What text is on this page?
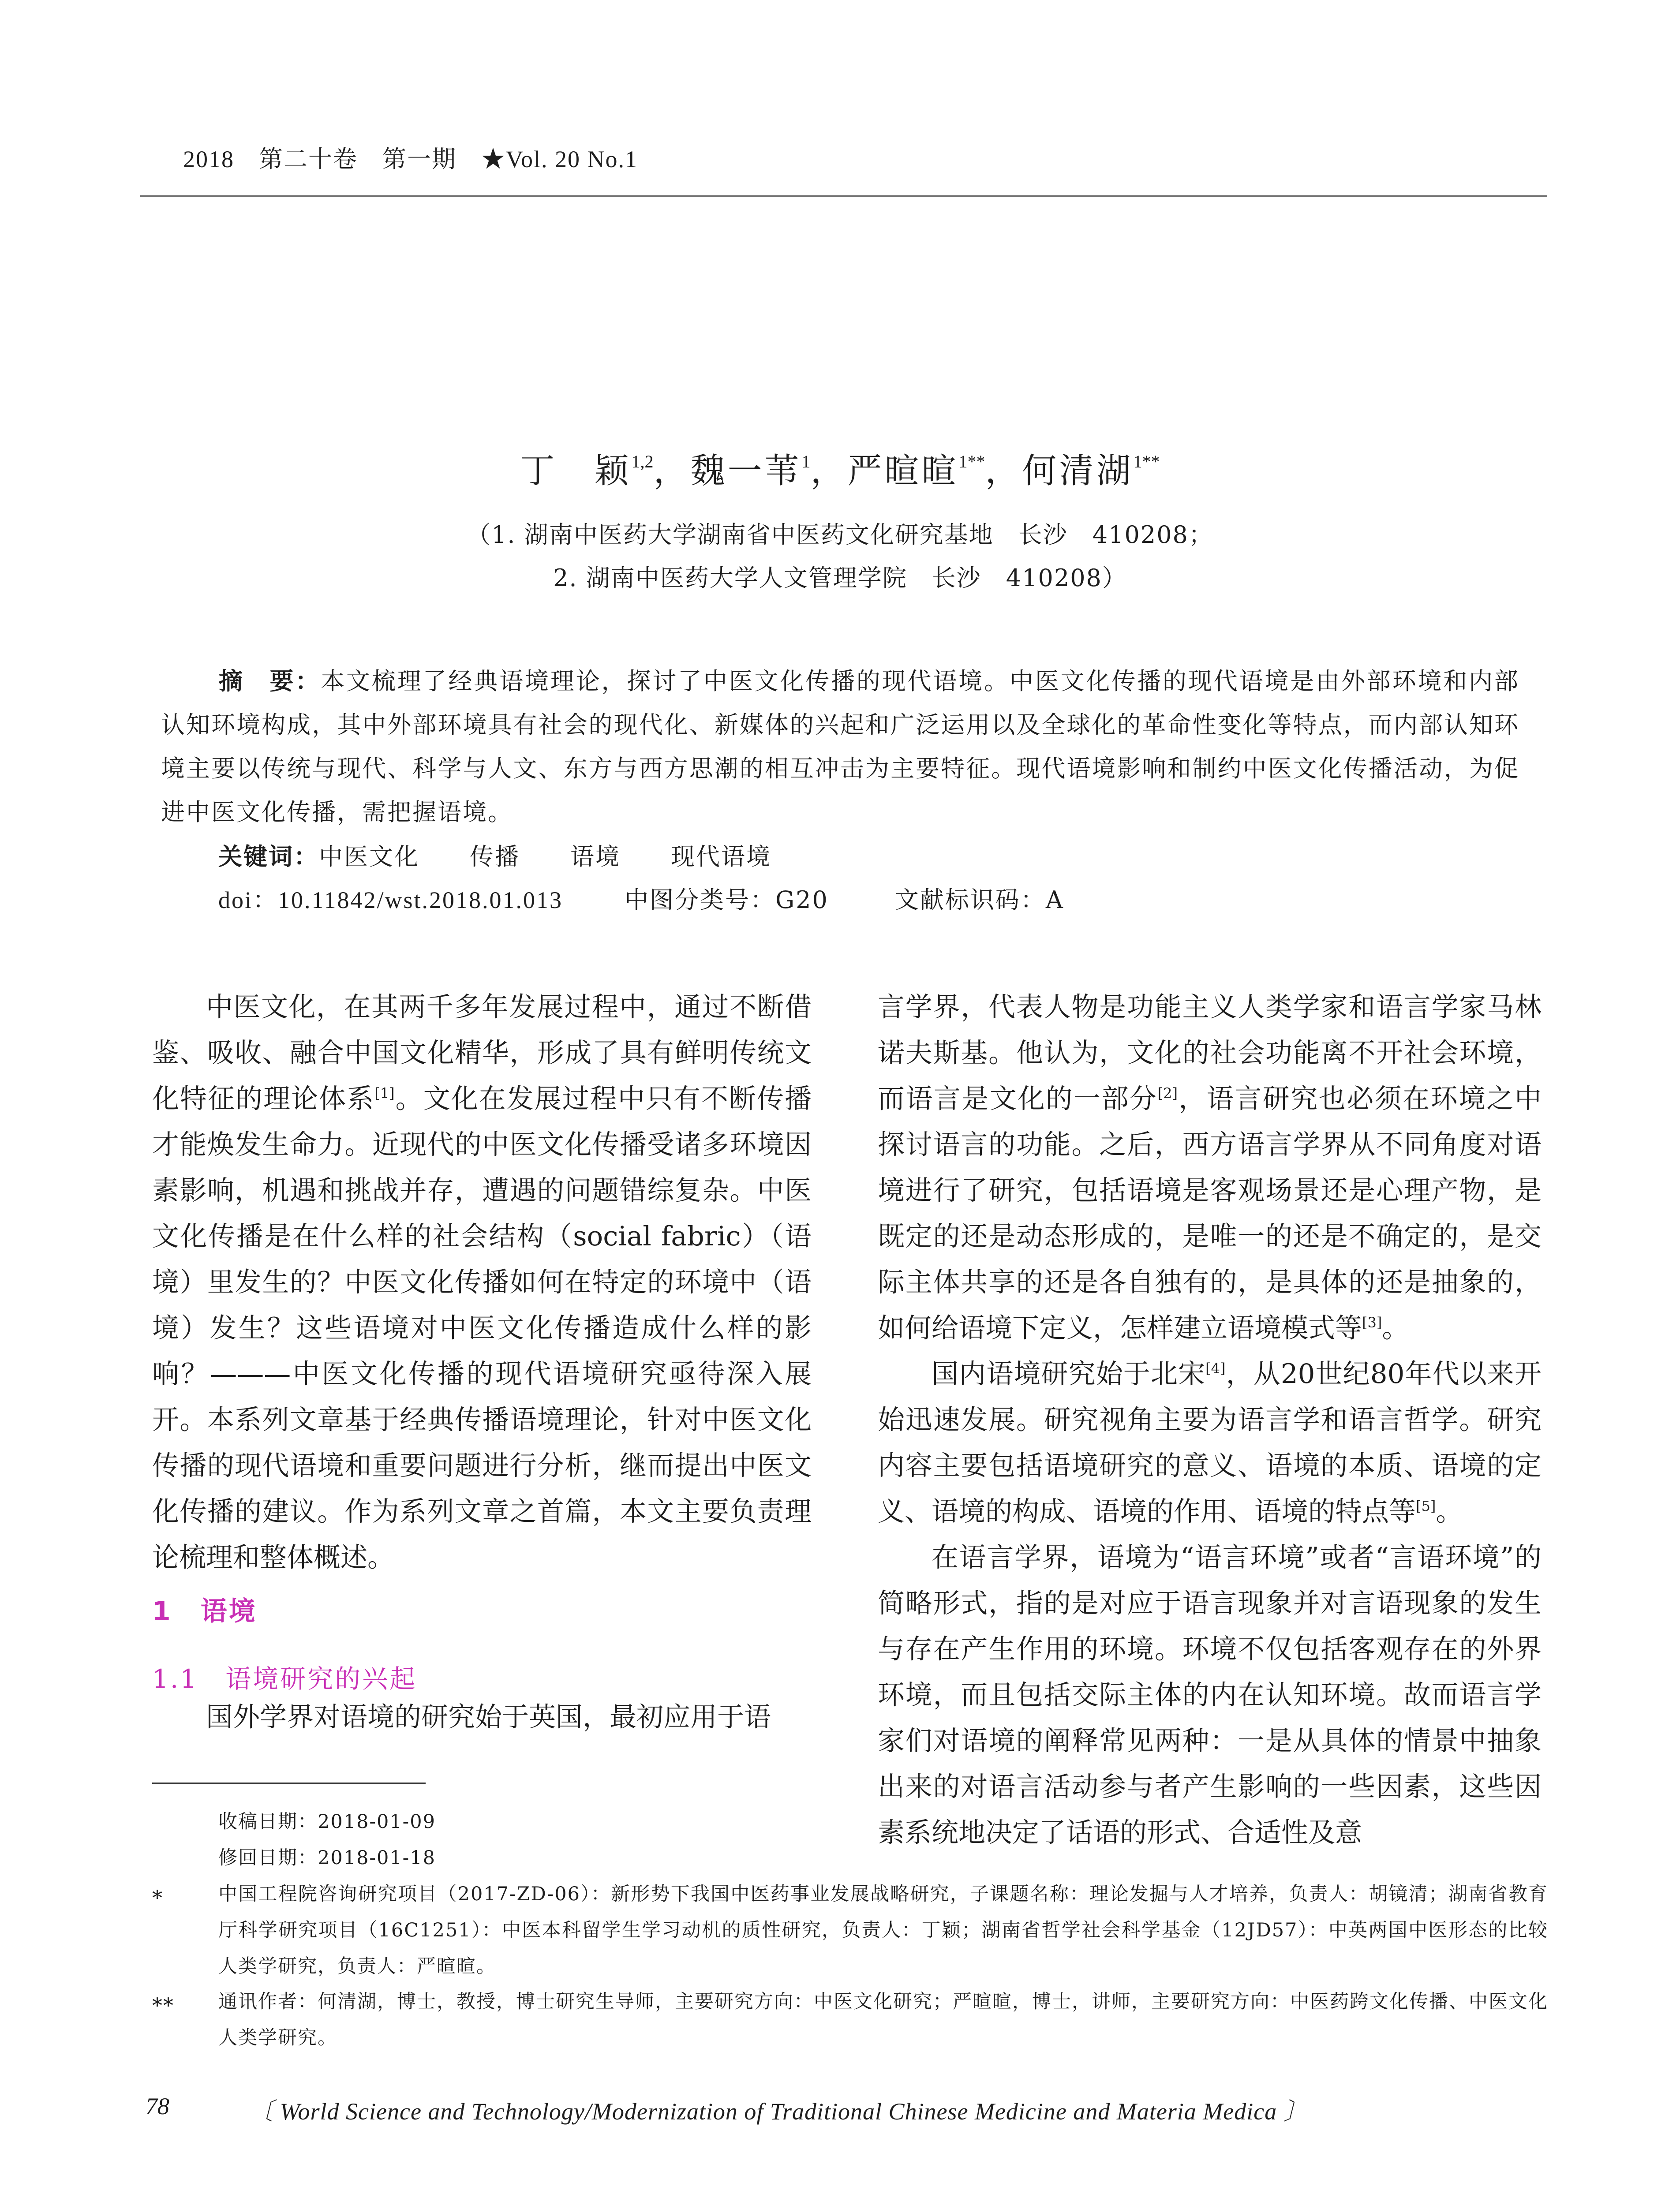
2018　第二十卷　第一期　★Vol. 20 No.1
丁　颖$^{1,2}$，魏一苇$^1$，严暄暄$^{1**}$，何清湖$^{1**}$
（1. 湖南中医药大学湖南省中医药文化研究基地　长沙　410208；
2. 湖南中医药大学人文管理学院　长沙　410208）
摘　要：本文梳理了经典语境理论，探讨了中医文化传播的现代语境。中医文化传播的现代语境是由外部环境和内部认知环境构成，其中外部环境具有社会的现代化、新媒体的兴起和广泛运用以及全球化的革命性变化等特点，而内部认知环境主要以传统与现代、科学与人文、东方与西方思潮的相互冲击为主要特征。现代语境影响和制约中医文化传播活动，为促进中医文化传播，需把握语境。
关键词：中医文化　　传播　　语境　　现代语境
doi：10.11842/wst.2018.01.013	中图分类号：G20	文献标识码：A

中医文化，在其两千多年发展过程中，通过不断借鉴、吸收、融合中国文化精华，形成了具有鲜明传统文化特征的理论体系[1]。文化在发展过程中只有不断传播才能焕发生命力。近现代的中医文化传播受诸多环境因素影响，机遇和挑战并存，遭遇的问题错综复杂。中医文化传播是在什么样的社会结构（social fabric）（语境）里发生的？中医文化传播如何在特定的环境中（语境）发生？这些语境对中医文化传播造成什么样的影响？———中医文化传播的现代语境研究亟待深入展开。本系列文章基于经典传播语境理论，针对中医文化传播的现代语境和重要问题进行分析，继而提出中医文化传播的建议。作为系列文章之首篇，本文主要负责理论梳理和整体概述。

1　语境
1.1　语境研究的兴起

国外学界对语境的研究始于英国，最初应用于语

言学界，代表人物是功能主义人类学家和语言学家马林诺夫斯基。他认为，文化的社会功能离不开社会环境，而语言是文化的一部分[2]，语言研究也必须在环境之中探讨语言的功能。之后，西方语言学界从不同角度对语境进行了研究，包括语境是客观场景还是心理产物，是既定的还是动态形成的，是唯一的还是不确定的，是交际主体共享的还是各自独有的，是具体的还是抽象的，如何给语境下定义，怎样建立语境模式等[3]。

国内语境研究始于北宋[4]，从20世纪80年代以来开始迅速发展。研究视角主要为语言学和语言哲学。研究内容主要包括语境研究的意义、语境的本质、语境的定义、语境的构成、语境的作用、语境的特点等[5]。

在语言学界，语境为“语言环境”或者“言语环境”的简略形式，指的是对应于语言现象并对言语现象的发生与存在产生作用的环境。环境不仅包括客观存在的外界环境，而且包括交际主体的内在认知环境。故而语言学家们对语境的阐释常见两种：一是从具体的情景中抽象出来的对语言活动参与者产生影响的一些因素，这些因素系统地决定了话语的形式、合适性及意

收稿日期：2018-01-09
修回日期：2018-01-18
*	中国工程院咨询研究项目（2017-ZD-06）：新形势下我国中医药事业发展战略研究，子课题名称：理论发掘与人才培养，负责人：胡镜清；湖南省教育厅科学研究项目（16C1251）：中医本科留学生学习动机的质性研究，负责人：丁颖；湖南省哲学社会科学基金（12JD57）：中英两国中医形态的比较人类学研究，负责人：严暄暄。
** 通讯作者：何清湖，博士，教授，博士研究生导师，主要研究方向：中医文化研究；严暄暄，博士，讲师，主要研究方向：中医药跨文化传播、中医文化人类学研究。
78	〔 World Science and Technology/Modernization of Traditional Chinese Medicine and Materia Medica 〕
